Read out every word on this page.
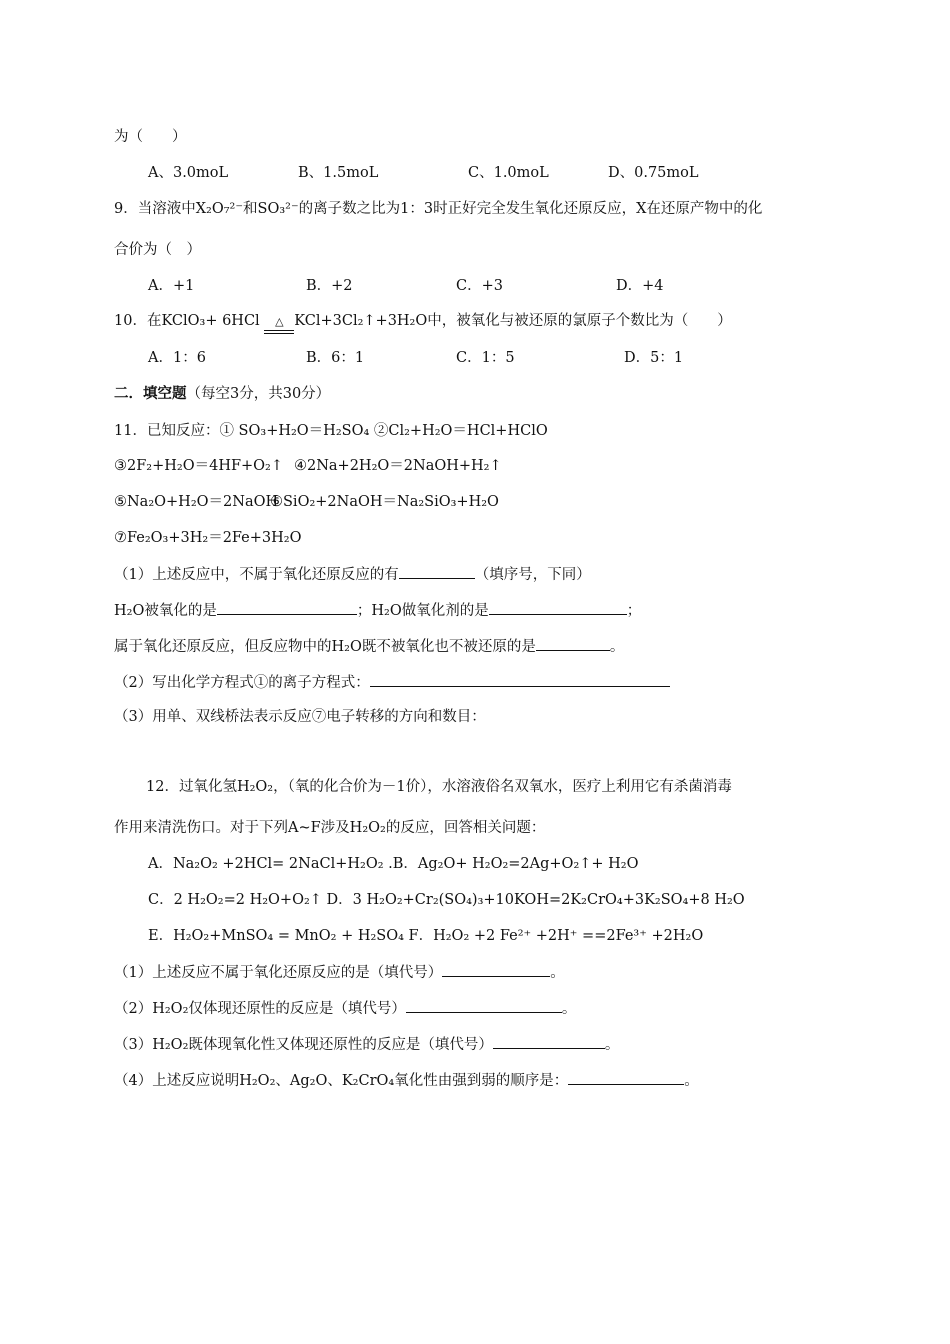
为（　　）
A、3.0moL	B、1.5moL	C、1.0moL	D、0.75moL
9．当溶液中X₂O₇²⁻和SO₃²⁻的离子数之比为1：3时正好完全发生氧化还原反应，X在还原产物中的化
合价为（　）
A．+1	B．+2	C．+3	D．+4
10．在KClO₃+ 6HCl △ KCl+3Cl₂↑+3H₂O中，被氧化与被还原的氯原子个数比为（　　）
A．1：6	B．6：1	C．1：5	D．5：1
二．填空题（每空3分，共30分）
11．已知反应：① SO₃+H₂O＝H₂SO₄ ②Cl₂+H₂O＝HCl+HClO
③2F₂+H₂O＝4HF+O₂↑ ④2Na+2H₂O＝2NaOH+H₂↑
⑤Na₂O+H₂O＝2NaOH⑥SiO₂+2NaOH＝Na₂SiO₃+H₂O
⑦Fe₂O₃+3H₂＝2Fe+3H₂O
（1）上述反应中，不属于氧化还原反应的有	（填序号，下同）
H₂O被氧化的是	；H₂O做氧化剂的是	；
属于氧化还原反应，但反应物中的H₂O既不被氧化也不被还原的是	。
（2）写出化学方程式①的离子方程式：
（3）用单、双线桥法表示反应⑦电子转移的方向和数目：
12．过氧化氢H₂O₂，（氧的化合价为－1价），水溶液俗名双氧水，医疗上利用它有杀菌消毒
作用来清洗伤口。对于下列A~F涉及H₂O₂的反应，回答相关问题：
A．Na₂O₂ +2HCl= 2NaCl+H₂O₂ .B．Ag₂O+ H₂O₂=2Ag+O₂↑+ H₂O
C．2 H₂O₂=2 H₂O+O₂↑ D．3 H₂O₂+Cr₂(SO₄)₃+10KOH=2K₂CrO₄+3K₂SO₄+8 H₂O
E．H₂O₂+MnSO₄ = MnO₂ + H₂SO₄ F．H₂O₂ +2 Fe²⁺ +2H⁺ ==2Fe³⁺ +2H₂O
（1）上述反应不属于氧化还原反应的是（填代号）	。
（2）H₂O₂仅体现还原性的反应是（填代号）	。
（3）H₂O₂既体现氧化性又体现还原性的反应是（填代号）	。
（4）上述反应说明H₂O₂、Ag₂O、K₂CrO₄氧化性由强到弱的顺序是：	。
